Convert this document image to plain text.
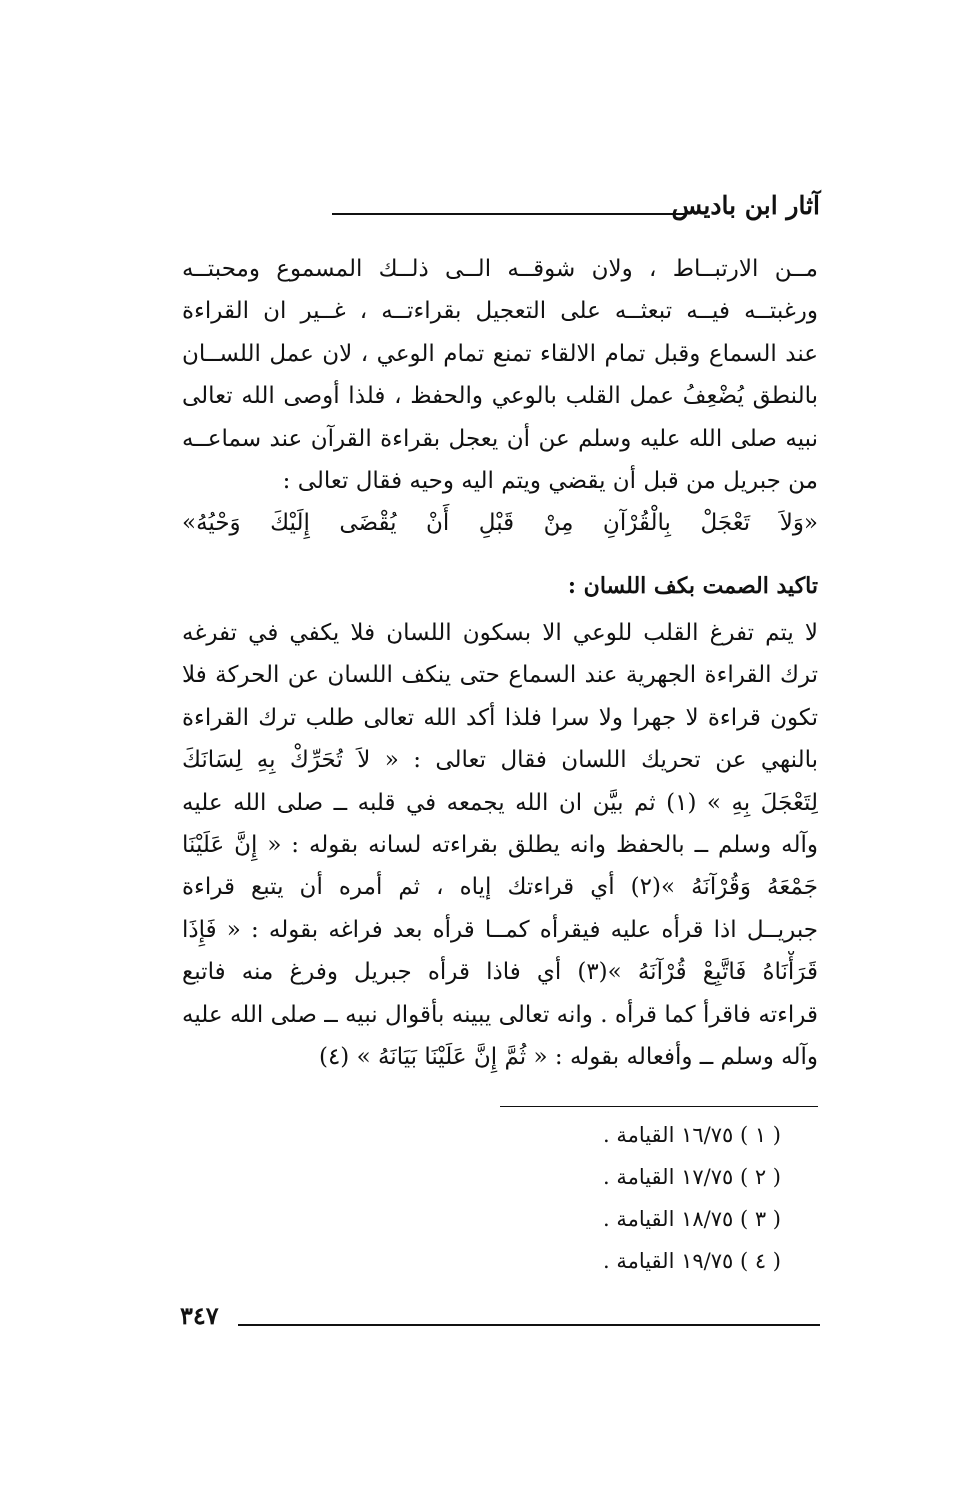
آثار ابن باديس
مــن الارتبــاط ، ولان شوقــه الــى ذلــك المسموع ومحبتــه
ورغبتــه فيــه تبعثــه على التعجيل بقراءتــه ، غــير ان القراءة
عند السماع وقبل تمام الالقاء تمنع تمام الوعي ، لان عمل اللســان
بالنطق يُضْعِفُ عمل القلب بالوعي والحفظ ، فلذا أوصى الله تعالى
نبيه صلى الله عليه وسلم عن أن يعجل بقراءة القرآن عند سماعــه
من جبريل من قبل أن يقضي ويتم اليه وحيه فقال تعالى :
«وَلاَ تَعْجَلْ بِالْقُرْآنِ مِنْ قَبْلِ أَنْ يُقْضَى إِلَيْكَ وَحْيُهُ»
تاكيد الصمت بكف اللسان :
لا يتم تفرغ القلب للوعي الا بسكون اللسان فلا يكفي في تفرغه
ترك القراءة الجهرية عند السماع حتى ينكف اللسان عن الحركة فلا
تكون قراءة لا جهرا ولا سرا فلذا أكد الله تعالى طلب ترك القراءة
بالنهي عن تحريك اللسان فقال تعالى : « لاَ تُحَرِّكْ بِهِ لِسَانَكَ
لِتَعْجَلَ بِهِ » (١) ثم بيَّن ان الله يجمعه في قلبه ــ صلى الله عليه
وآله وسلم ــ بالحفظ وانه يطلق بقراءته لسانه بقوله : « إِنَّ عَلَيْنَا
جَمْعَهُ وَقُرْآنَهُ »(٢) أي قراءتك إياه ، ثم أمره أن يتبع قراءة
جبريــل اذا قرأه عليه فيقرأه كمــا قرأه بعد فراغه بقوله : « فَإِذَا
قَرَأْنَاهُ فَاتَّبِعْ قُرْآنَهُ »(٣) أي فاذا قرأه جبريل وفرغ منه فاتبع
قراءته فاقرأ كما قرأه . وانه تعالى يبينه بأقوال نبيه ــ صلى الله عليه
وآله وسلم ــ وأفعاله بقوله : « ثُمَّ إِنَّ عَلَيْنَا بَيَانَهُ » (٤)
( ١ ) ١٦/٧٥ القيامة .
( ٢ ) ١٧/٧٥ القيامة .
( ٣ ) ١٨/٧٥ القيامة .
( ٤ ) ١٩/٧٥ القيامة .
٣٤٧
